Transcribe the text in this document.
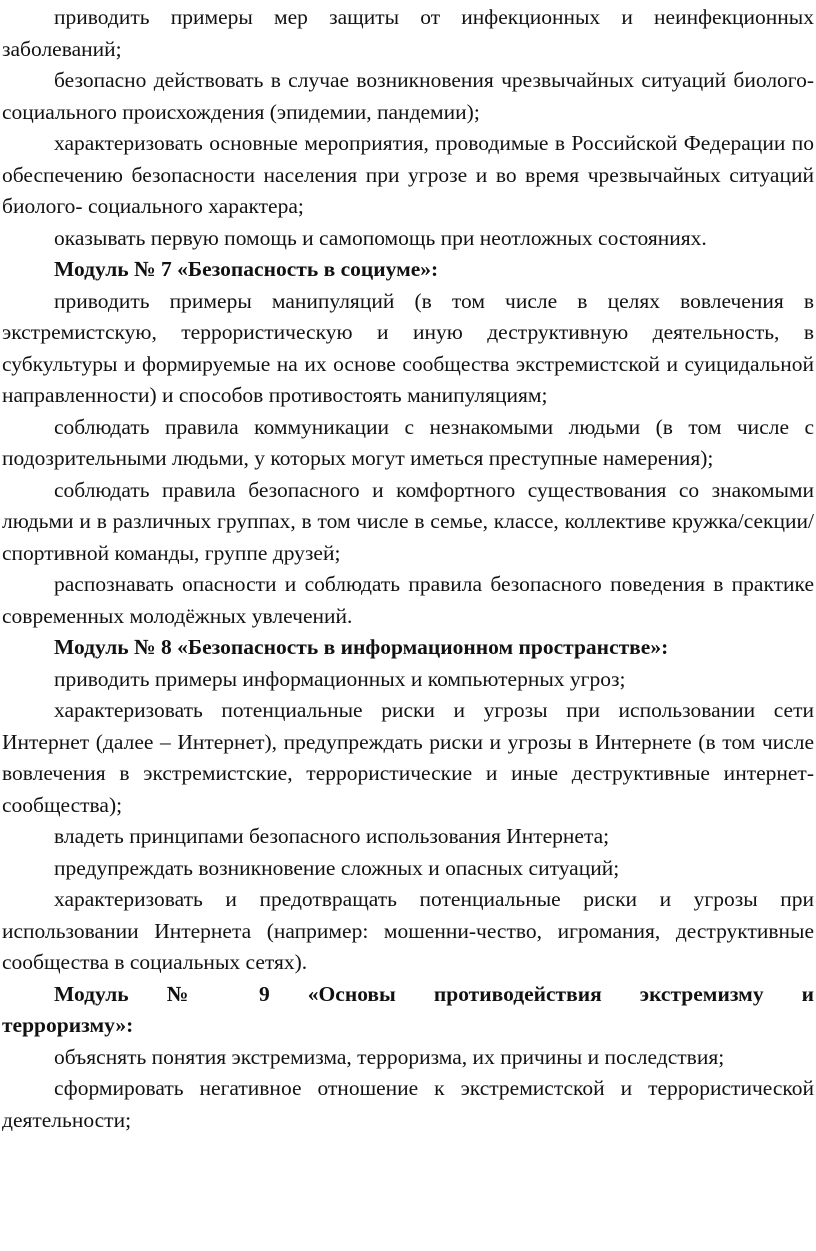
приводить примеры мер защиты от инфекционных и неинфекционных заболеваний;

безопасно действовать в случае возникновения чрезвычайных ситуаций биолого-социального происхождения (эпидемии, пандемии);

характеризовать основные мероприятия, проводимые в Российской Федерации по обеспечению безопасности населения при угрозе и во время чрезвычайных ситуаций биолого- социального характера;

оказывать первую помощь и самопомощь при неотложных состояниях.

Модуль № 7 «Безопасность в социуме»:

приводить примеры манипуляций (в том числе в целях вовлечения в экстремистскую, террористическую и иную деструктивную деятельность, в субкультуры и формируемые на их основе сообщества экстремистской и суицидальной направленности) и способов противостоять манипуляциям;

соблюдать правила коммуникации с незнакомыми людьми (в том числе с подозрительными людьми, у которых могут иметься преступные намерения);

соблюдать правила безопасного и комфортного существования со знакомыми людьми и в различных группах, в том числе в семье, классе, коллективе кружка/секции/спортивной команды, группе друзей;

распознавать опасности и соблюдать правила безопасного поведения в практике современных молодёжных увлечений.

Модуль № 8 «Безопасность в информационном пространстве»:

приводить примеры информационных и компьютерных угроз;

характеризовать потенциальные риски и угрозы при использовании сети Интернет (далее – Интернет), предупреждать риски и угрозы в Интернете (в том числе вовлечения в экстремистские, террористические и иные деструктивные интернет-сообщества);

владеть принципами безопасного использования Интернета;

предупреждать возникновение сложных и опасных ситуаций;

характеризовать и предотвращать потенциальные риски и угрозы при использовании Интернета (например: мошенни-чество, игромания, деструктивные сообщества в социальных сетях).

Модуль № 9 «Основы противодействия экстремизму и

терроризму»:

объяснять понятия экстремизма, терроризма, их причины и последствия;

сформировать негативное отношение к экстремистской и террористической деятельности;
